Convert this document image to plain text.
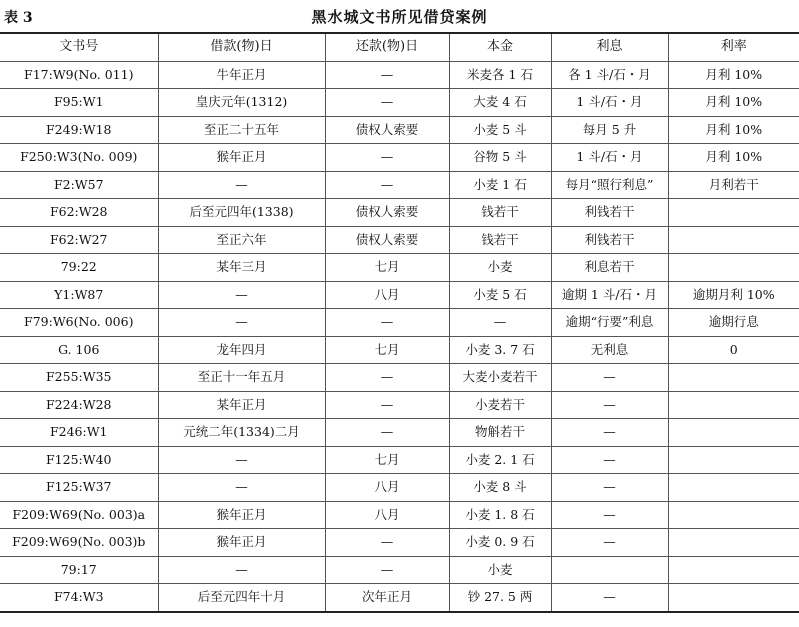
表 3	黑水城文书所见借贷案例
文书号	借款(物)日	还款(物)日	本金	利息	利率
F17:W9(No. 011)	牛年正月	—	米麦各 1 石	各 1 斗/石・月	月利 10%
F95:W1	皇庆元年(1312)	—	大麦 4 石	1 斗/石・月	月利 10%
F249:W18	至正二十五年	债权人索要	小麦 5 斗	每月 5 升	月利 10%
F250:W3(No. 009)	猴年正月	—	谷物 5 斗	1 斗/石・月	月利 10%
F2:W57	—	—	小麦 1 石	每月“照行利息”	月利若干
F62:W28	后至元四年(1338)	债权人索要	钱若干	利钱若干	
F62:W27	至正六年	债权人索要	钱若干	利钱若干	
79:22	某年三月	七月	小麦	利息若干	
Y1:W87	—	八月	小麦 5 石	逾期 1 斗/石・月	逾期月利 10%
F79:W6(No. 006)	—	—	—	逾期“行要”利息	逾期行息
G. 106	龙年四月	七月	小麦 3. 7 石	无利息	0
F255:W35	至正十一年五月	—	大麦小麦若干	—	
F224:W28	某年正月	—	小麦若干	—	
F246:W1	元统二年(1334)二月	—	物斛若干	—	
F125:W40	—	七月	小麦 2. 1 石	—	
F125:W37	—	八月	小麦 8 斗	—	
F209:W69(No. 003)a	猴年正月	八月	小麦 1. 8 石	—	
F209:W69(No. 003)b	猴年正月	—	小麦 0. 9 石	—	
79:17	—	—	小麦		
F74:W3	后至元四年十月	次年正月	钞 27. 5 两	—	
